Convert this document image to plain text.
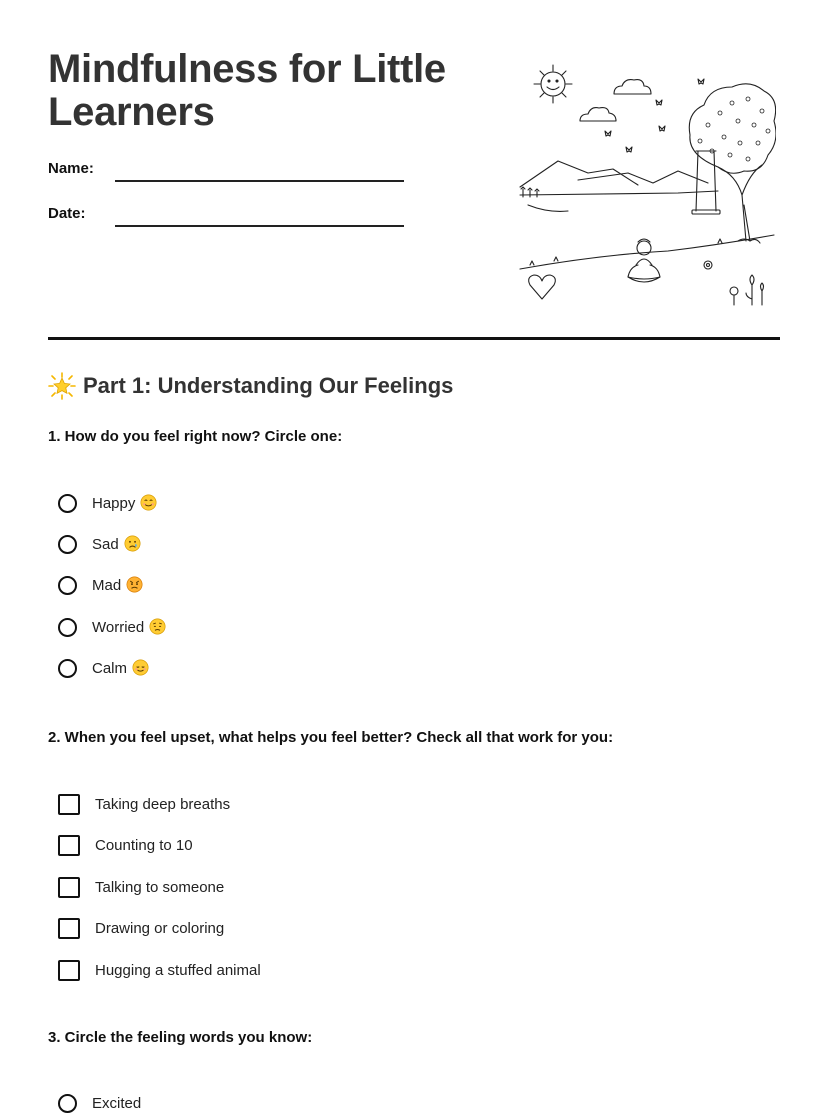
Mindfulness for Little Learners
Name:
Date:
Part 1: Understanding Our Feelings

1. How do you feel right now? Circle one:

Happy
Sad
Mad
Worried
Calm

2. When you feel upset, what helps you feel better? Check all that work for you:

Taking deep breaths
Counting to 10
Talking to someone
Drawing or coloring
Hugging a stuffed animal

3. Circle the feeling words you know:

Excited
